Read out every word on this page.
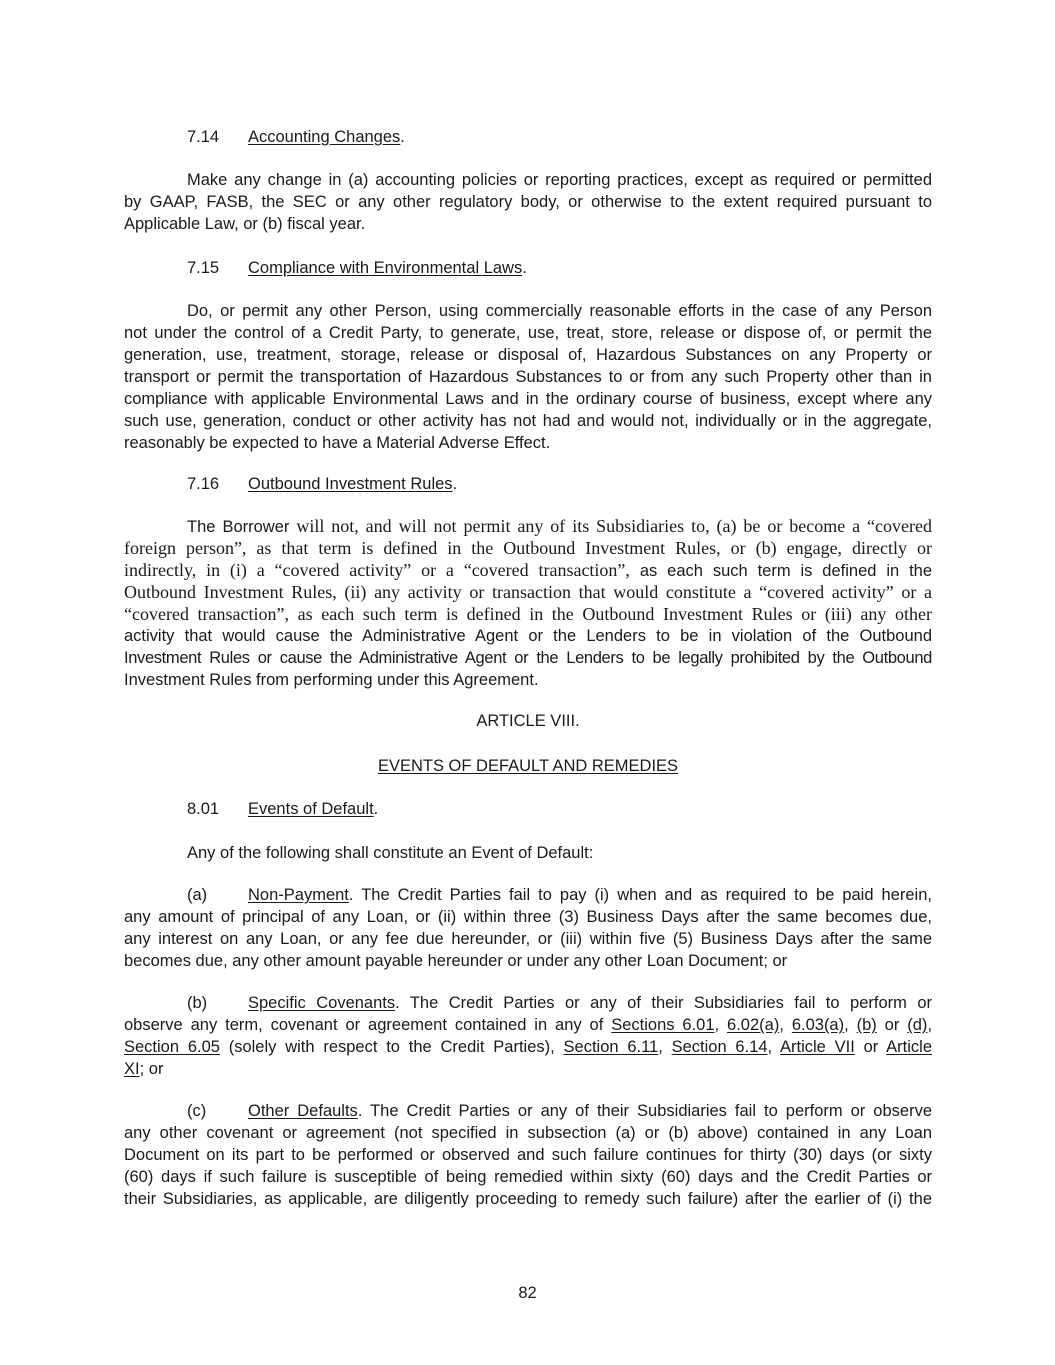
7.14 Accounting Changes.
Make any change in (a) accounting policies or reporting practices, except as required or permitted
by GAAP, FASB, the SEC or any other regulatory body, or otherwise to the extent required pursuant to
Applicable Law, or (b) fiscal year.
7.15 Compliance with Environmental Laws.
Do, or permit any other Person, using commercially reasonable efforts in the case of any Person
not under the control of a Credit Party, to generate, use, treat, store, release or dispose of, or permit the
generation, use, treatment, storage, release or disposal of, Hazardous Substances on any Property or
transport or permit the transportation of Hazardous Substances to or from any such Property other than in
compliance with applicable Environmental Laws and in the ordinary course of business, except where any
such use, generation, conduct or other activity has not had and would not, individually or in the aggregate,
reasonably be expected to have a Material Adverse Effect.
7.16 Outbound Investment Rules.
The Borrower will not, and will not permit any of its Subsidiaries to, (a) be or become a “covered
foreign person”, as that term is defined in the Outbound Investment Rules, or (b) engage, directly or
indirectly, in (i) a “covered activity” or a “covered transaction”, as each such term is defined in the
Outbound Investment Rules, (ii) any activity or transaction that would constitute a “covered activity” or a
“covered transaction”, as each such term is defined in the Outbound Investment Rules or (iii) any other
activity that would cause the Administrative Agent or the Lenders to be in violation of the Outbound
Investment Rules or cause the Administrative Agent or the Lenders to be legally prohibited by the Outbound
Investment Rules from performing under this Agreement.
ARTICLE VIII.
EVENTS OF DEFAULT AND REMEDIES
8.01 Events of Default.
Any of the following shall constitute an Event of Default:
(a) Non-Payment. The Credit Parties fail to pay (i) when and as required to be paid herein,
any amount of principal of any Loan, or (ii) within three (3) Business Days after the same becomes due,
any interest on any Loan, or any fee due hereunder, or (iii) within five (5) Business Days after the same
becomes due, any other amount payable hereunder or under any other Loan Document; or
(b) Specific Covenants. The Credit Parties or any of their Subsidiaries fail to perform or
observe any term, covenant or agreement contained in any of Sections 6.01, 6.02(a), 6.03(a), (b) or (d),
Section 6.05 (solely with respect to the Credit Parties), Section 6.11, Section 6.14, Article VII or Article
XI; or
(c)	Other Defaults. The Credit Parties or any of their Subsidiaries fail to perform or observe
any other covenant or agreement (not specified in subsection (a) or (b) above) contained in any Loan
Document on its part to be performed or observed and such failure continues for thirty (30) days (or sixty
(60) days if such failure is susceptible of being remedied within sixty (60) days and the Credit Parties or
their Subsidiaries, as applicable, are diligently proceeding to remedy such failure) after the earlier of (i) the
82
